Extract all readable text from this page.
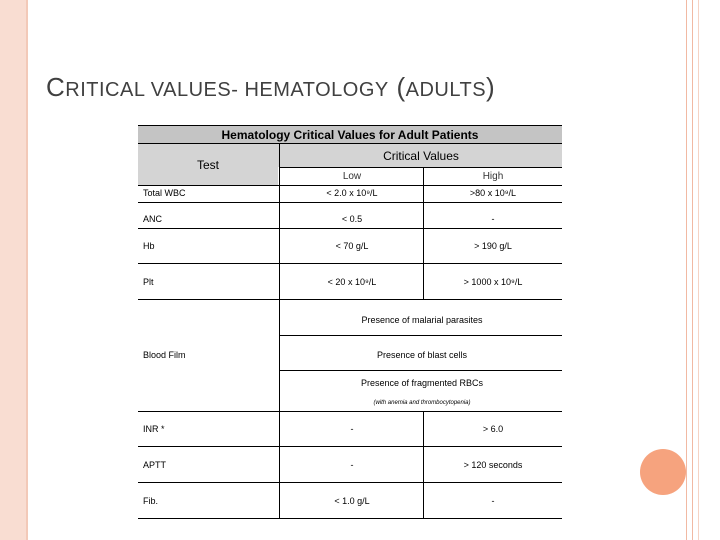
CRITICAL VALUES- HEMATOLOGY (ADULTS)
Hematology Critical Values for Adult Patients
Critical Values
Test
Low	High
Total WBC	< 2.0 x 10⁹/L	>80 x 10⁹/L
ANC	< 0.5	-
Hb	< 70 g/L	> 190 g/L
Plt	< 20 x 10⁹/L	> 1000 x 10⁹/L
Blood Film
Presence of malarial parasites
Presence of blast cells
Presence of fragmented RBCs
(with anemia and thrombocytopenia)
INR *	-	> 6.0
APTT	-	> 120 seconds
Fib.	< 1.0 g/L	-
